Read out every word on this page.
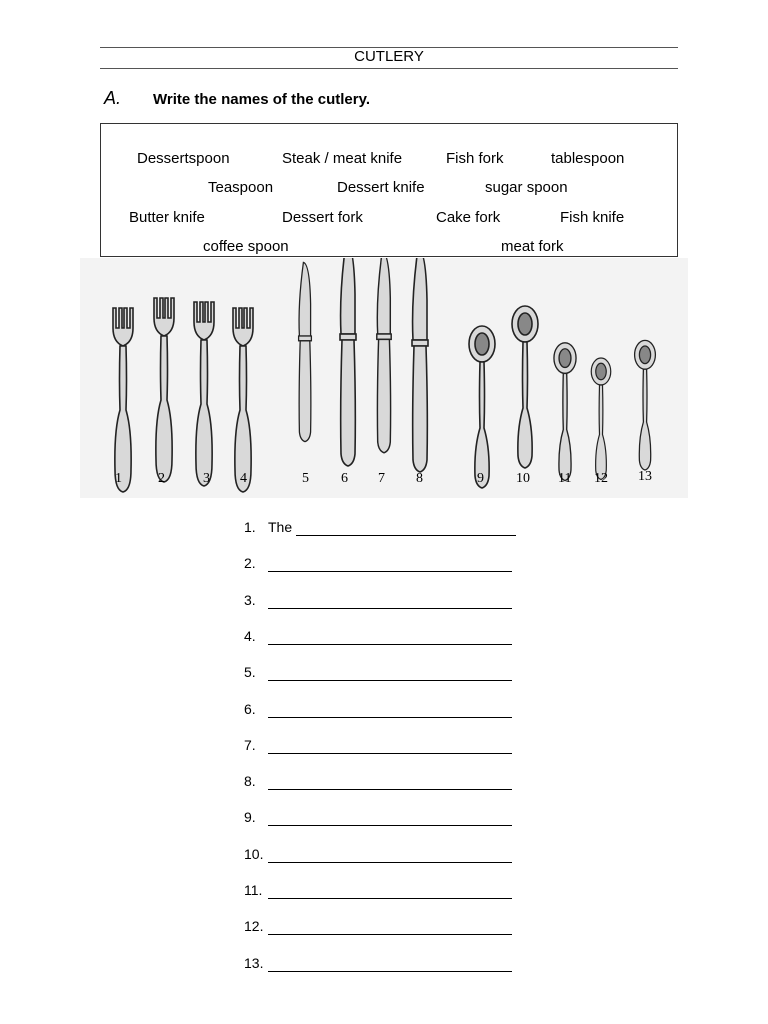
CUTLERY
A. Write the names of the cutlery.
Dessertspoon	Steak / meat knife	Fish fork	tablespoon
Teaspoon	Dessert knife	sugar spoon
Butter knife	Dessert fork	Cake fork	Fish knife
coffee spoon	meat fork
1	2	3 4	5 6 7 8	9 10 11 12 13
1. The
2.
3.
4.
5.
6.
7.
8.
9.
10.
11.
12.
13.
